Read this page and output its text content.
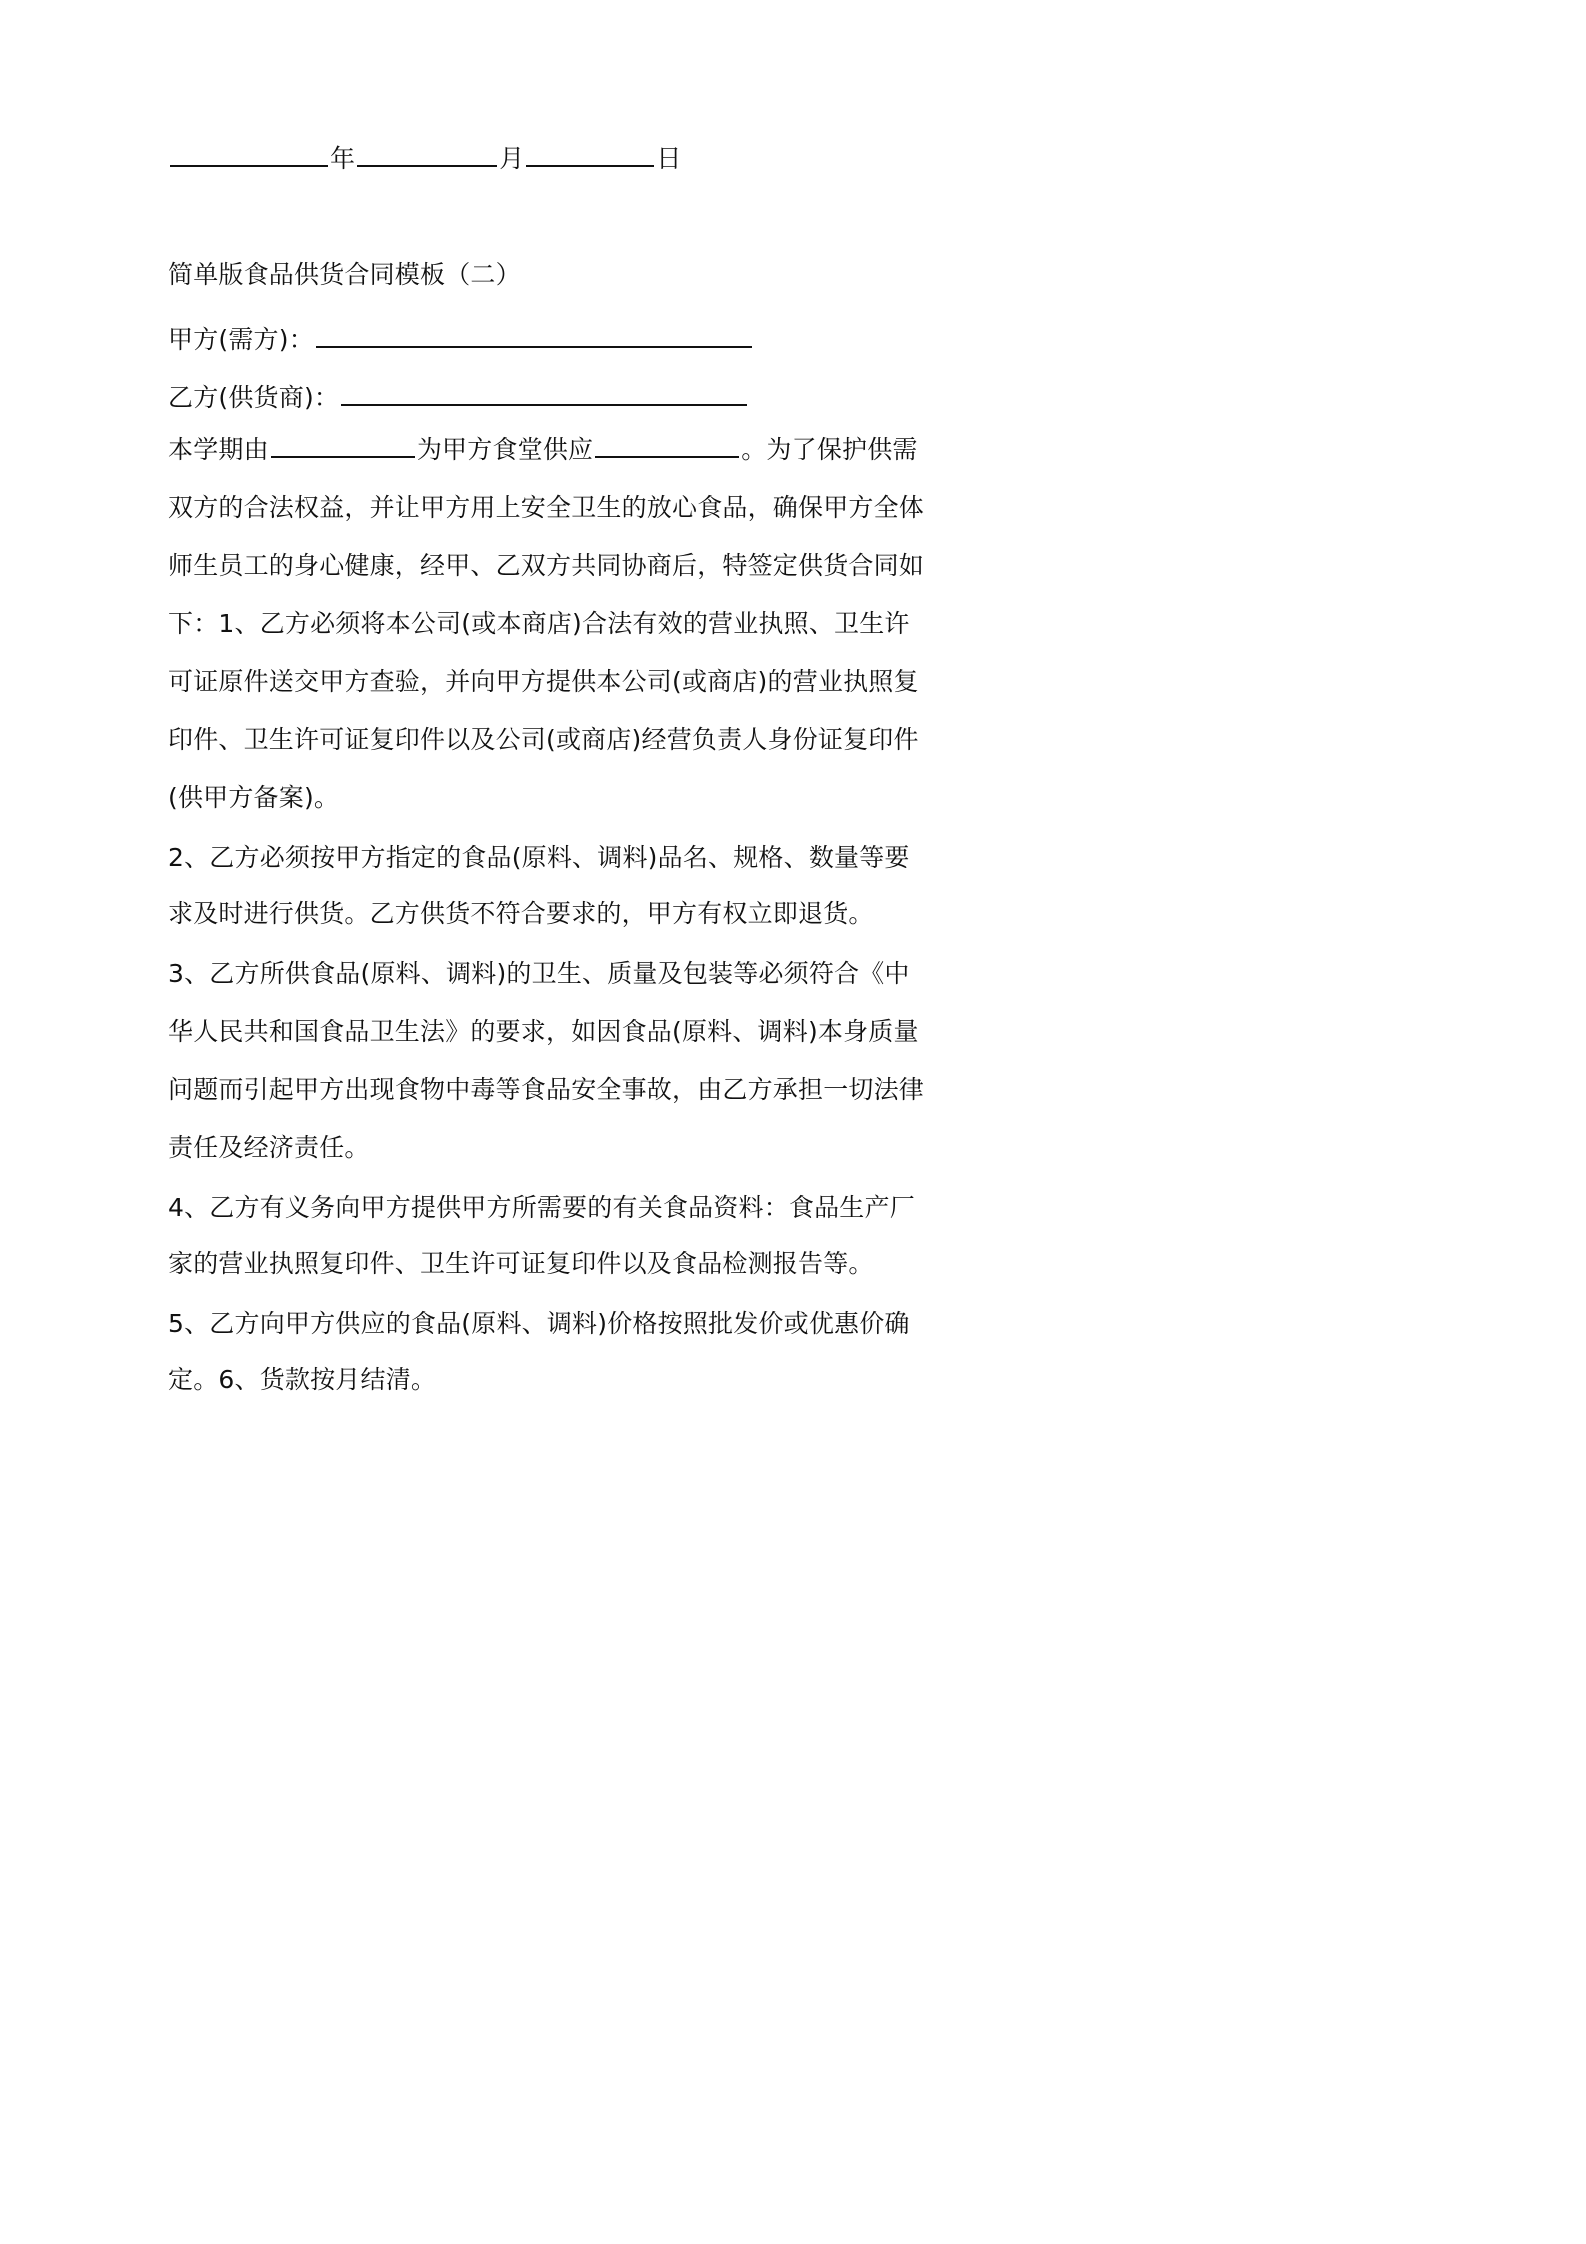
年	月	日
简单版食品供货合同模板（二）
甲方(需方)：
乙方(供货商)：
本学期由	为甲方食堂供应	。为了保护供需
双方的合法权益，并让甲方用上安全卫生的放心食品，确保甲方全体
师生员工的身心健康，经甲、乙双方共同协商后，特签定供货合同如
下：1、乙方必须将本公司(或本商店)合法有效的营业执照、卫生许
可证原件送交甲方查验，并向甲方提供本公司(或商店)的营业执照复
印件、卫生许可证复印件以及公司(或商店)经营负责人身份证复印件
(供甲方备案)。
2、乙方必须按甲方指定的食品(原料、调料)品名、规格、数量等要
求及时进行供货。乙方供货不符合要求的，甲方有权立即退货。
3、乙方所供食品(原料、调料)的卫生、质量及包装等必须符合《中
华人民共和国食品卫生法》的要求，如因食品(原料、调料)本身质量
问题而引起甲方出现食物中毒等食品安全事故，由乙方承担一切法律
责任及经济责任。
4、乙方有义务向甲方提供甲方所需要的有关食品资料：食品生产厂
家的营业执照复印件、卫生许可证复印件以及食品检测报告等。
5、乙方向甲方供应的食品(原料、调料)价格按照批发价或优惠价确
定。6、货款按月结清。
